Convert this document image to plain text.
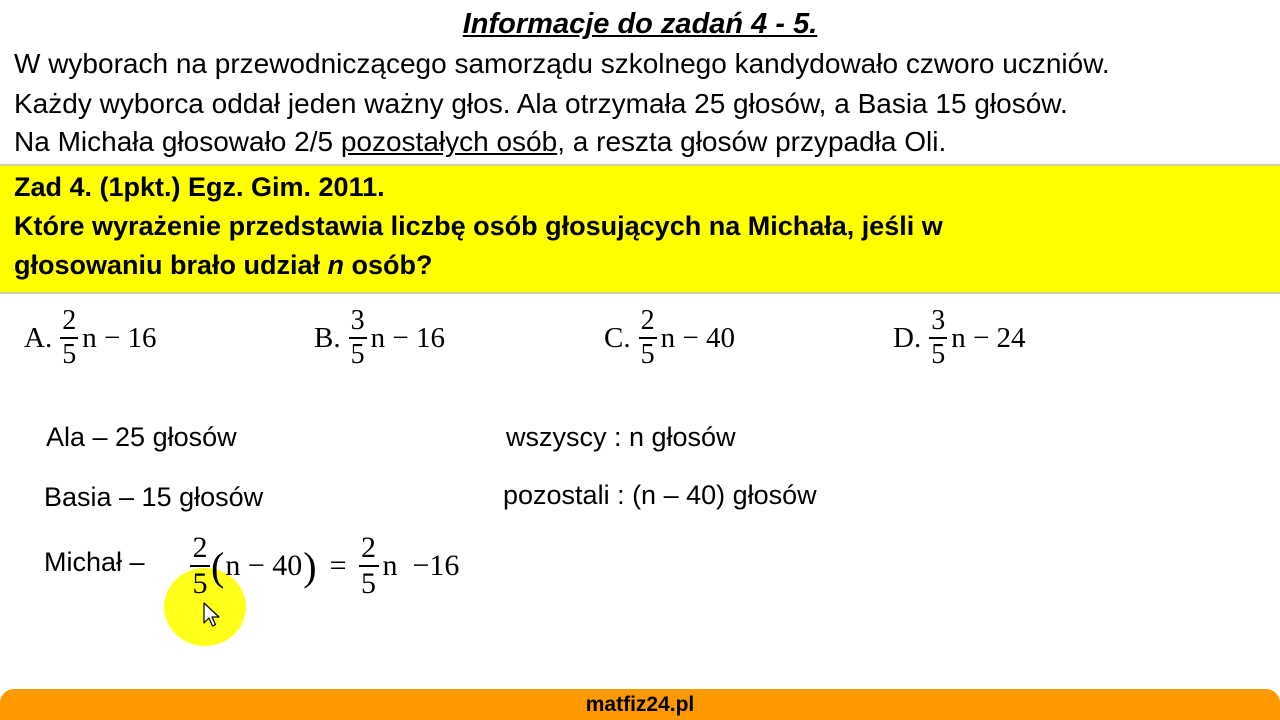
Informacje do zadań 4 - 5.
W wyborach na przewodniczącego samorządu szkolnego kandydowało czworo uczniów.
Każdy wyborca oddał jeden ważny głos. Ala otrzymała 25 głosów, a Basia 15 głosów.
Na Michała głosowało 2/5 pozostałych osób, a reszta głosów przypadła Oli.
Zad 4. (1pkt.) Egz. Gim. 2011.
Które wyrażenie przedstawia liczbę osób głosujących na Michała, jeśli w
głosowaniu brało udział n osób?
A. $\frac{2}{5}$ n − 16	B. $\frac{3}{5}$ n − 16	C. $\frac{2}{5}$ n − 40	D. $\frac{3}{5}$ n − 24
Ala – 25 głosów
Basia – 15 głosów
Michał –
wszyscy : n głosów
pozostali : (n – 40) głosów
$\frac{2}{5}$ ( n − 40 ) = $\frac{2}{5}$ n  −16
matfiz24.pl
